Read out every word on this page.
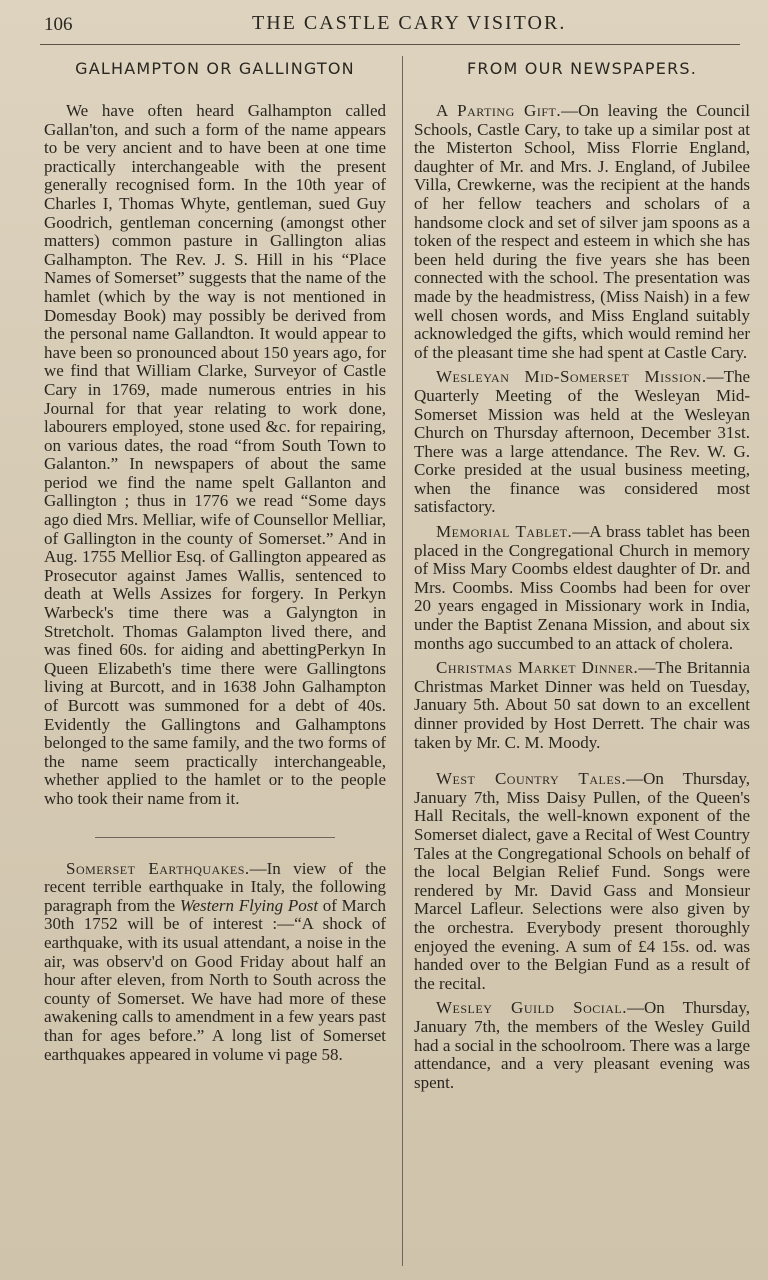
106	THE CASTLE CARY VISITOR.
GALHAMPTON OR GALLINGTON

We have often heard Galhampton called Gallan'ton, and such a form of the name appears to be very ancient and to have been at one time practically interchangeable with the present generally recognised form. In the 10th year of Charles I, Thomas Whyte, gentleman, sued Guy Goodrich, gentleman concerning (amongst other matters) common pasture in Gallington alias Galhampton. The Rev. J. S. Hill in his “Place Names of Somerset” suggests that the name of the hamlet (which by the way is not mentioned in Domesday Book) may possibly be derived from the personal name Gallandton. It would appear to have been so pronounced about 150 years ago, for we find that William Clarke, Surveyor of Castle Cary in 1769, made numerous entries in his Journal for that year relating to work done, labourers employed, stone used &c. for repairing, on various dates, the road “from South Town to Galanton.” In newspapers of about the same period we find the name spelt Gallanton and Gallington ; thus in 1776 we read “Some days ago died Mrs. Melliar, wife of Counsellor Melliar, of Gallington in the county of Somerset.” And in Aug. 1755 Mellior Esq. of Gallington appeared as Prosecutor against James Wallis, sentenced to death at Wells Assizes for forgery. In Perkyn Warbeck's time there was a Galyngton in Stretcholt. Thomas Galampton lived there, and was fined 60s. for aiding and abettingPerkyn In Queen Elizabeth's time there were Gallingtons living at Burcott, and in 1638 John Galhampton of Burcott was summoned for a debt of 40s. Evidently the Gallingtons and Galhamptons belonged to the same family, and the two forms of the name seem practically interchangeable, whether applied to the hamlet or to the people who took their name from it.

Somerset Earthquakes.—In view of the recent terrible earthquake in Italy, the following paragraph from the Western Flying Post of March 30th 1752 will be of interest :—“A shock of earthquake, with its usual attendant, a noise in the air, was observ'd on Good Friday about half an hour after eleven, from North to South across the county of Somerset. We have had more of these awakening calls to amendment in a few years past than for ages before.” A long list of Somerset earthquakes appeared in volume vi page 58.

FROM OUR NEWSPAPERS.

A Parting Gift.—On leaving the Council Schools, Castle Cary, to take up a similar post at the Misterton School, Miss Florrie England, daughter of Mr. and Mrs. J. England, of Jubilee Villa, Crewkerne, was the recipient at the hands of her fellow teachers and scholars of a handsome clock and set of silver jam spoons as a token of the respect and esteem in which she has been held during the five years she has been connected with the school. The presentation was made by the headmistress, (Miss Naish) in a few well chosen words, and Miss England suitably acknowledged the gifts, which would remind her of the pleasant time she had spent at Castle Cary.

Wesleyan Mid-Somerset Mission.—The Quarterly Meeting of the Wesleyan Mid-Somerset Mission was held at the Wesleyan Church on Thursday afternoon, December 31st. There was a large attendance. The Rev. W. G. Corke presided at the usual business meeting, when the finance was considered most satisfactory.

Memorial Tablet.—A brass tablet has been placed in the Congregational Church in memory of Miss Mary Coombs eldest daughter of Dr. and Mrs. Coombs. Miss Coombs had been for over 20 years engaged in Missionary work in India, under the Baptist Zenana Mission, and about six months ago succumbed to an attack of cholera.

Christmas Market Dinner.—The Britannia Christmas Market Dinner was held on Tuesday, January 5th. About 50 sat down to an excellent dinner provided by Host Derrett. The chair was taken by Mr. C. M. Moody.

West Country Tales.—On Thursday, January 7th, Miss Daisy Pullen, of the Queen's Hall Recitals, the well-known exponent of the Somerset dialect, gave a Recital of West Country Tales at the Congregational Schools on behalf of the local Belgian Relief Fund. Songs were rendered by Mr. David Gass and Monsieur Marcel Lafleur. Selections were also given by the orchestra. Everybody present thoroughly enjoyed the evening. A sum of £4 15s. od. was handed over to the Belgian Fund as a result of the recital.

Wesley Guild Social.—On Thursday, January 7th, the members of the Wesley Guild had a social in the schoolroom. There was a large attendance, and a very pleasant evening was spent.
